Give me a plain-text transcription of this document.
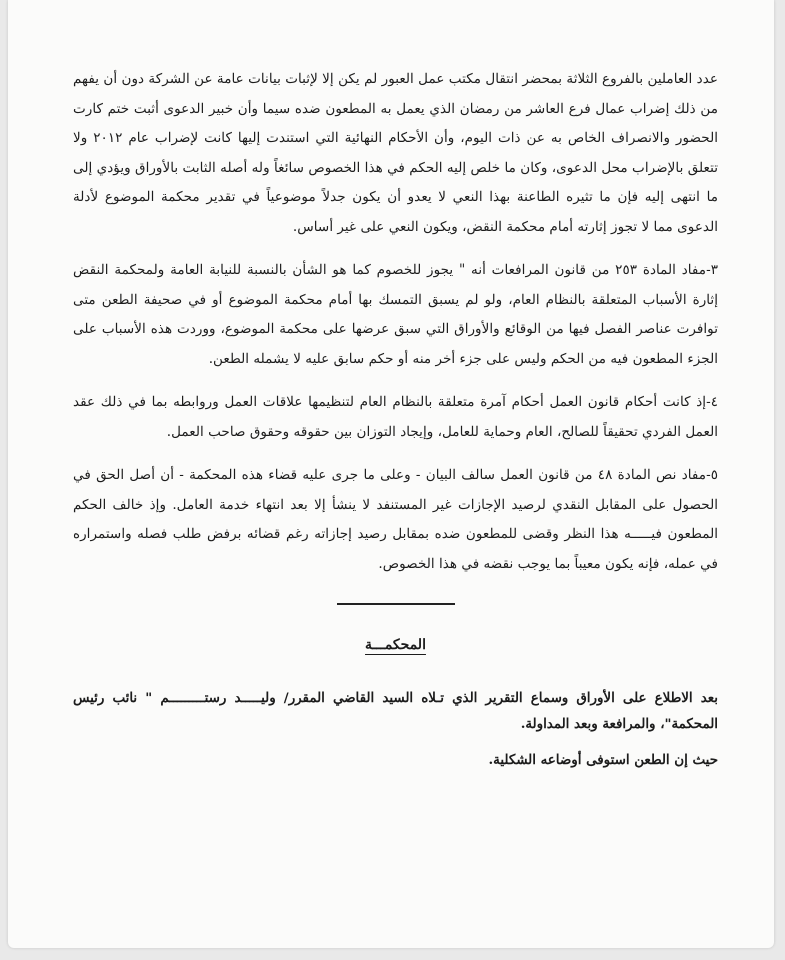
عدد العاملين بالفروع الثلاثة بمحضر انتقال مكتب عمل العبور لم يكن إلا لإثبات بيانات عامة عن الشركة دون أن يفهم من ذلك إضراب عمال فرع العاشر من رمضان الذي يعمل به المطعون ضده سيما وأن خبير الدعوى أثبت ختم كارت الحضور والانصراف الخاص به عن ذات اليوم، وأن الأحكام النهائية التي استندت إليها كانت لإضراب عام ٢٠١٢ ولا تتعلق بالإضراب محل الدعوى، وكان ما خلص إليه الحكم في هذا الخصوص سائغاً وله أصله الثابت بالأوراق ويؤدي إلى ما انتهى إليه فإن ما تثيره الطاعنة بهذا النعي لا يعدو أن يكون جدلاً موضوعياً في تقدير محكمة الموضوع لأدلة الدعوى مما لا تجوز إثارته أمام محكمة النقض، ويكون النعي على غير أساس.

٣-مفاد المادة ٢٥٣ من قانون المرافعات أنه " يجوز للخصوم كما هو الشأن بالنسبة للنيابة العامة ولمحكمة النقض إثارة الأسباب المتعلقة بالنظام العام، ولو لم يسبق التمسك بها أمام محكمة الموضوع أو في صحيفة الطعن متى توافرت عناصر الفصل فيها من الوقائع والأوراق التي سبق عرضها على محكمة الموضوع، ووردت هذه الأسباب على الجزء المطعون فيه من الحكم وليس على جزء أخر منه أو حكم سابق عليه لا يشمله الطعن.

٤-إذ كانت أحكام قانون العمل أحكام آمرة متعلقة بالنظام العام لتنظيمها علاقات العمل وروابطه بما في ذلك عقد العمل الفردي تحقيقاً للصالح، العام وحماية للعامل، وإيجاد التوزان بين حقوقه وحقوق صاحب العمل.

٥-مفاد نص المادة ٤٨ من قانون العمل سالف البيان - وعلى ما جرى عليه قضاء هذه المحكمة - أن أصل الحق في الحصول على المقابل النقدي لرصيد الإجازات غير المستنفد لا ينشأ إلا بعد انتهاء خدمة العامل. وإذ خالف الحكم المطعون فيـــــه هذا النظر وقضى للمطعون ضده بمقابل رصيد إجازاته رغم قضائه برفض طلب فصله واستمراره في عمله، فإنه يكون معيباً بما يوجب نقضه في هذا الخصوص.

المحكمـــة

بعد الاطلاع على الأوراق وسماع التقرير الذي تـلاه السيد القاضي المقرر/ وليـــــد رستـــــــــم " نائب رئيس المحكمة"، والمرافعة وبعد المداولة.

حيث إن الطعن استوفى أوضاعه الشكلية.
